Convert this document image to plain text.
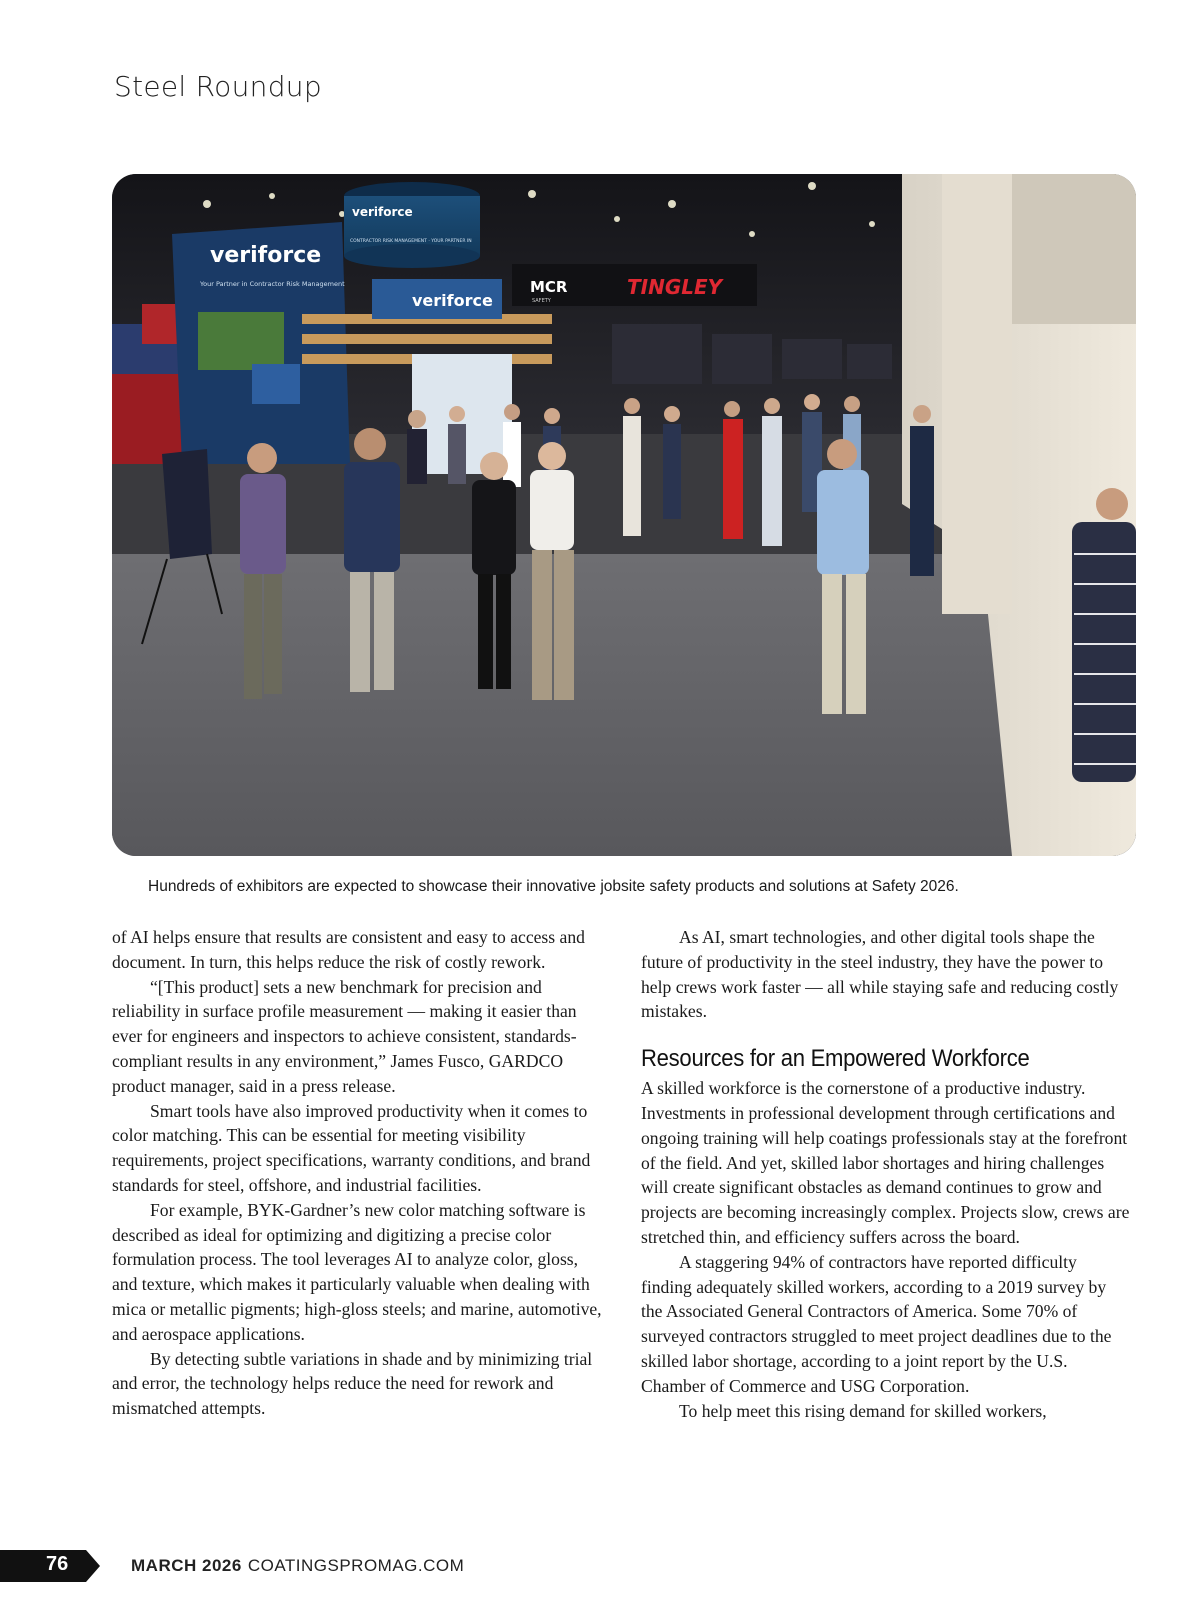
Steel Roundup
veriforce
Your Partner in Contractor Risk Management
veriforce
veriforce
CONTRACTOR RISK MANAGEMENT · YOUR PARTNER IN
MCR
SAFETY
TINGLEY
Hundreds of exhibitors are expected to showcase their innovative jobsite safety products and solutions at Safety 2026.

of AI helps ensure that results are consistent and easy to access and document. In turn, this helps reduce the risk of costly rework.

“[This product] sets a new benchmark for precision and reliability in surface profile measurement — making it easier than ever for engineers and inspectors to achieve consistent, standards-compliant results in any environment,” James Fusco, GARDCO product manager, said in a press release.

Smart tools have also improved productivity when it comes to color matching. This can be essential for meeting visibility requirements, project specifications, warranty conditions, and brand standards for steel, offshore, and industrial facilities.

For example, BYK-Gardner’s new color matching software is described as ideal for optimizing and digitizing a precise color formulation process. The tool leverages AI to analyze color, gloss, and texture, which makes it particularly valuable when dealing with mica or metallic pigments; high-gloss steels; and marine, automotive, and aerospace applications.

By detecting subtle variations in shade and by minimizing trial and error, the technology helps reduce the need for rework and mismatched attempts.

As AI, smart technologies, and other digital tools shape the future of productivity in the steel industry, they have the power to help crews work faster — all while staying safe and reducing costly mistakes.

Resources for an Empowered Workforce

A skilled workforce is the cornerstone of a productive industry. Investments in professional development through certifications and ongoing training will help coatings professionals stay at the forefront of the field. And yet, skilled labor shortages and hiring challenges will create significant obstacles as demand continues to grow and projects are becoming increasingly complex. Projects slow, crews are stretched thin, and efficiency suffers across the board.

A staggering 94% of contractors have reported difficulty finding adequately skilled workers, according to a 2019 survey by the Associated General Contractors of America. Some 70% of surveyed contractors struggled to meet project deadlines due to the skilled labor shortage, according to a joint report by the U.S. Chamber of Commerce and USG Corporation.

To help meet this rising demand for skilled workers,

76	MARCH 2026 COATINGSPROMAG.COM
